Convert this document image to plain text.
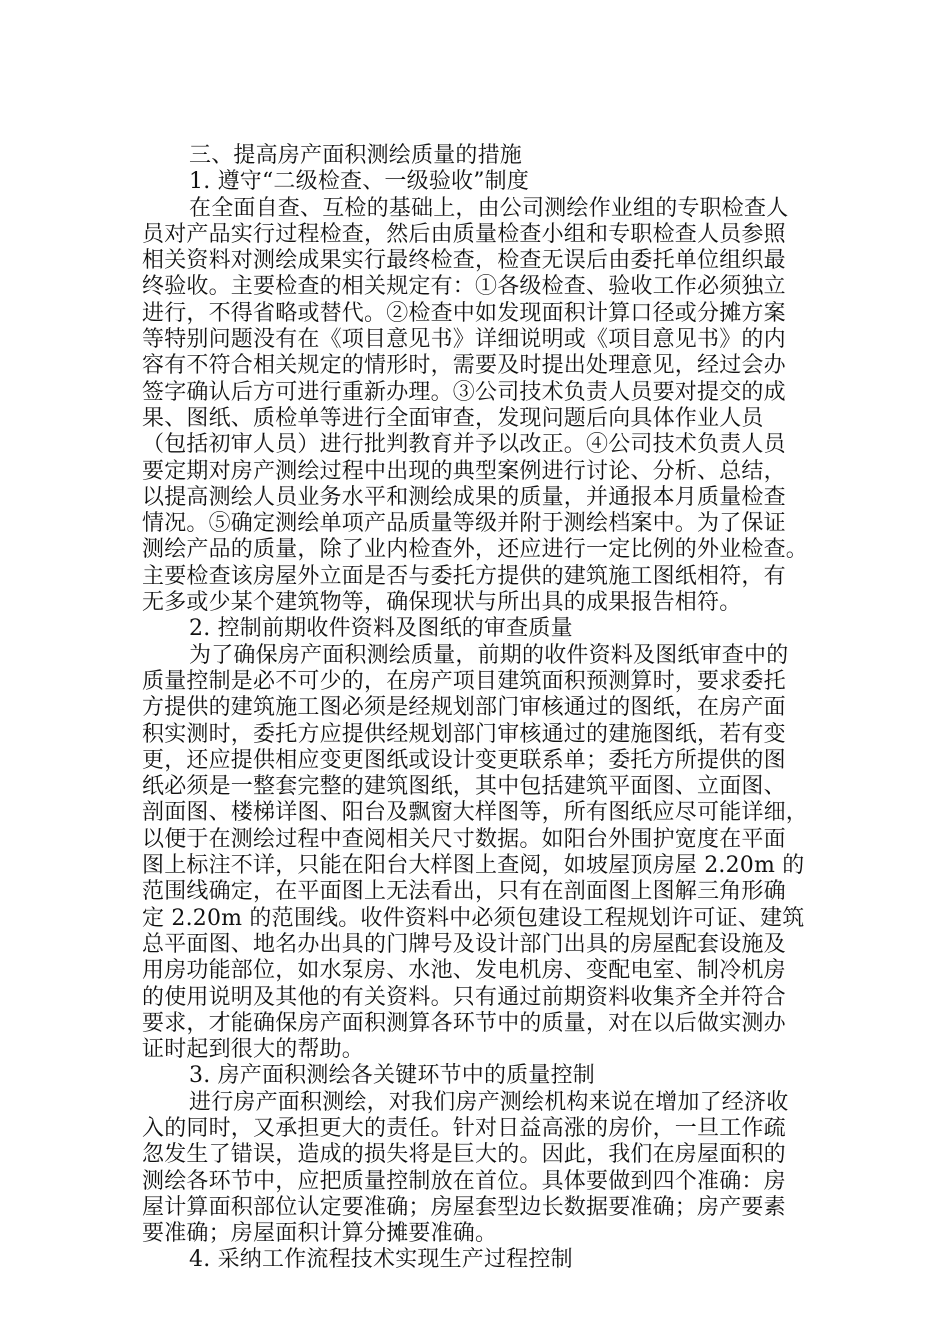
三、提高房产面积测绘质量的措施
1. 遵守“二级检查、一级验收”制度
在全面自查、互检的基础上，由公司测绘作业组的专职检查人
员对产品实行过程检查，然后由质量检查小组和专职检查人员参照
相关资料对测绘成果实行最终检查，检查无误后由委托单位组织最
终验收。主要检查的相关规定有：①各级检查、验收工作必须独立
进行，不得省略或替代。②检查中如发现面积计算口径或分摊方案
等特别问题没有在《项目意见书》详细说明或《项目意见书》的内
容有不符合相关规定的情形时，需要及时提出处理意见，经过会办
签字确认后方可进行重新办理。③公司技术负责人员要对提交的成
果、图纸、质检单等进行全面审查，发现问题后向具体作业人员
（包括初审人员）进行批判教育并予以改正。④公司技术负责人员
要定期对房产测绘过程中出现的典型案例进行讨论、分析、总结，
以提高测绘人员业务水平和测绘成果的质量，并通报本月质量检查
情况。⑤确定测绘单项产品质量等级并附于测绘档案中。为了保证
测绘产品的质量，除了业内检查外，还应进行一定比例的外业检查。
主要检查该房屋外立面是否与委托方提供的建筑施工图纸相符，有
无多或少某个建筑物等，确保现状与所出具的成果报告相符。
2. 控制前期收件资料及图纸的审查质量
为了确保房产面积测绘质量，前期的收件资料及图纸审查中的
质量控制是必不可少的，在房产项目建筑面积预测算时，要求委托
方提供的建筑施工图必须是经规划部门审核通过的图纸，在房产面
积实测时，委托方应提供经规划部门审核通过的建施图纸，若有变
更，还应提供相应变更图纸或设计变更联系单；委托方所提供的图
纸必须是一整套完整的建筑图纸，其中包括建筑平面图、立面图、
剖面图、楼梯详图、阳台及飘窗大样图等，所有图纸应尽可能详细，
以便于在测绘过程中查阅相关尺寸数据。如阳台外围护宽度在平面
图上标注不详，只能在阳台大样图上查阅，如坡屋顶房屋 2.20m 的
范围线确定，在平面图上无法看出，只有在剖面图上图解三角形确
定 2.20m 的范围线。收件资料中必须包建设工程规划许可证、建筑
总平面图、地名办出具的门牌号及设计部门出具的房屋配套设施及
用房功能部位，如水泵房、水池、发电机房、变配电室、制冷机房
的使用说明及其他的有关资料。只有通过前期资料收集齐全并符合
要求，才能确保房产面积测算各环节中的质量，对在以后做实测办
证时起到很大的帮助。
3. 房产面积测绘各关键环节中的质量控制
进行房产面积测绘，对我们房产测绘机构来说在增加了经济收
入的同时，又承担更大的责任。针对日益高涨的房价，一旦工作疏
忽发生了错误，造成的损失将是巨大的。因此，我们在房屋面积的
测绘各环节中，应把质量控制放在首位。具体要做到四个准确：房
屋计算面积部位认定要准确；房屋套型边长数据要准确；房产要素
要准确；房屋面积计算分摊要准确。
4. 采纳工作流程技术实现生产过程控制
